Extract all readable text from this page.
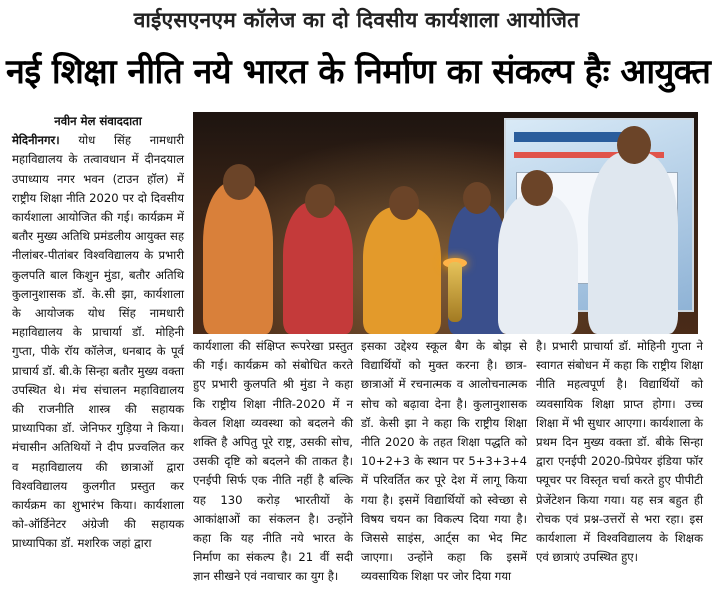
वाईएसएनएम कॉलेज का दो दिवसीय कार्यशाला आयोजित
नई शिक्षा नीति नये भारत के निर्माण का संकल्प हैः आयुक्त

नवीन मेल संवाददाता

मेदिनीनगर। योध सिंह नामधारी महाविद्यालय के तत्वावधान में दीनदयाल उपाध्याय नगर भवन (टाउन हॉल) में राष्ट्रीय शिक्षा नीति 2020 पर दो दिवसीय कार्यशाला आयोजित की गई। कार्यक्रम में बतौर मुख्य अतिथि प्रमंडलीय आयुक्त सह नीलांबर-पीतांबर विश्वविद्यालय के प्रभारी कुलपति बाल किशुन मुंडा, बतौर अतिथि कुलानुशासक डॉ. के.सी झा, कार्यशाला के आयोजक योध सिंह नामधारी महाविद्यालय के प्राचार्या डॉ. मोहिनी गुप्ता, पीके रॉय कॉलेज, धनबाद के पूर्व प्राचार्य डॉ. बी.के सिन्हा बतौर मुख्य वक्ता उपस्थित थे। मंच संचालन महाविद्यालय की राजनीति शास्त्र की सहायक प्राध्यापिका डॉ. जेनिफर गुड़िया ने किया। मंचासीन अतिथियों ने दीप प्रज्वलित कर व महाविद्यालय की छात्राओं द्वारा विश्वविद्यालय कुलगीत प्रस्तुत कर कार्यक्रम का शुभारंभ किया। कार्यशाला को-ऑर्डिनेटर अंग्रेजी की सहायक प्राध्यापिका डॉ. मशरिक जहां द्वारा

कार्यशाला की संक्षिप्त रूपरेखा प्रस्तुत की गई। कार्यक्रम को संबोधित करते हुए प्रभारी कुलपति श्री मुंडा ने कहा कि राष्ट्रीय शिक्षा नीति-2020 में न केवल शिक्षा व्यवस्था को बदलने की शक्ति है अपितु पूरे राष्ट्र, उसकी सोच, उसकी दृष्टि को बदलने की ताकत है। एनईपी सिर्फ एक नीति नहीं है बल्कि यह 130 करोड़ भारतीयों के आकांक्षाओं का संकलन है। उन्होंने कहा कि यह नीति नये भारत के निर्माण का संकल्प है। 21 वीं सदी ज्ञान सीखने एवं नवाचार का युग है।

इसका उद्देश्य स्कूल बैग के बोझ से विद्यार्थियों को मुक्त करना है। छात्र-छात्राओं में रचनात्मक व आलोचनात्मक सोच को बढ़ावा देना है। कुलानुशासक डॉ. केसी झा ने कहा कि राष्ट्रीय शिक्षा नीति 2020 के तहत शिक्षा पद्धति को 10+2+3 के स्थान पर 5+3+3+4 में परिवर्तित कर पूरे देश में लागू किया गया है। इसमें विद्यार्थियों को स्वेच्छा से विषय चयन का विकल्प दिया गया है। जिससे साइंस, आर्ट्स का भेद मिट जाएगा। उन्होंने कहा कि इसमें व्यवसायिक शिक्षा पर जोर दिया गया

है। प्रभारी प्राचार्या डॉ. मोहिनी गुप्ता ने स्वागत संबोधन में कहा कि राष्ट्रीय शिक्षा नीति महत्वपूर्ण है। विद्यार्थियों को व्यवसायिक शिक्षा प्राप्त होगा। उच्च शिक्षा में भी सुधार आएगा। कार्यशाला के प्रथम दिन मुख्य वक्ता डॉ. बीके सिन्हा द्वारा एनईपी 2020-प्रिपेयर इंडिया फॉर फ्यूचर पर विस्तृत चर्चा करते हुए पीपीटी प्रेजेंटेशन किया गया। यह सत्र बहुत ही रोचक एवं प्रश्न-उत्तरों से भरा रहा। इस कार्यशाला में विश्वविद्यालय के शिक्षक एवं छात्राएं उपस्थित हुए।
